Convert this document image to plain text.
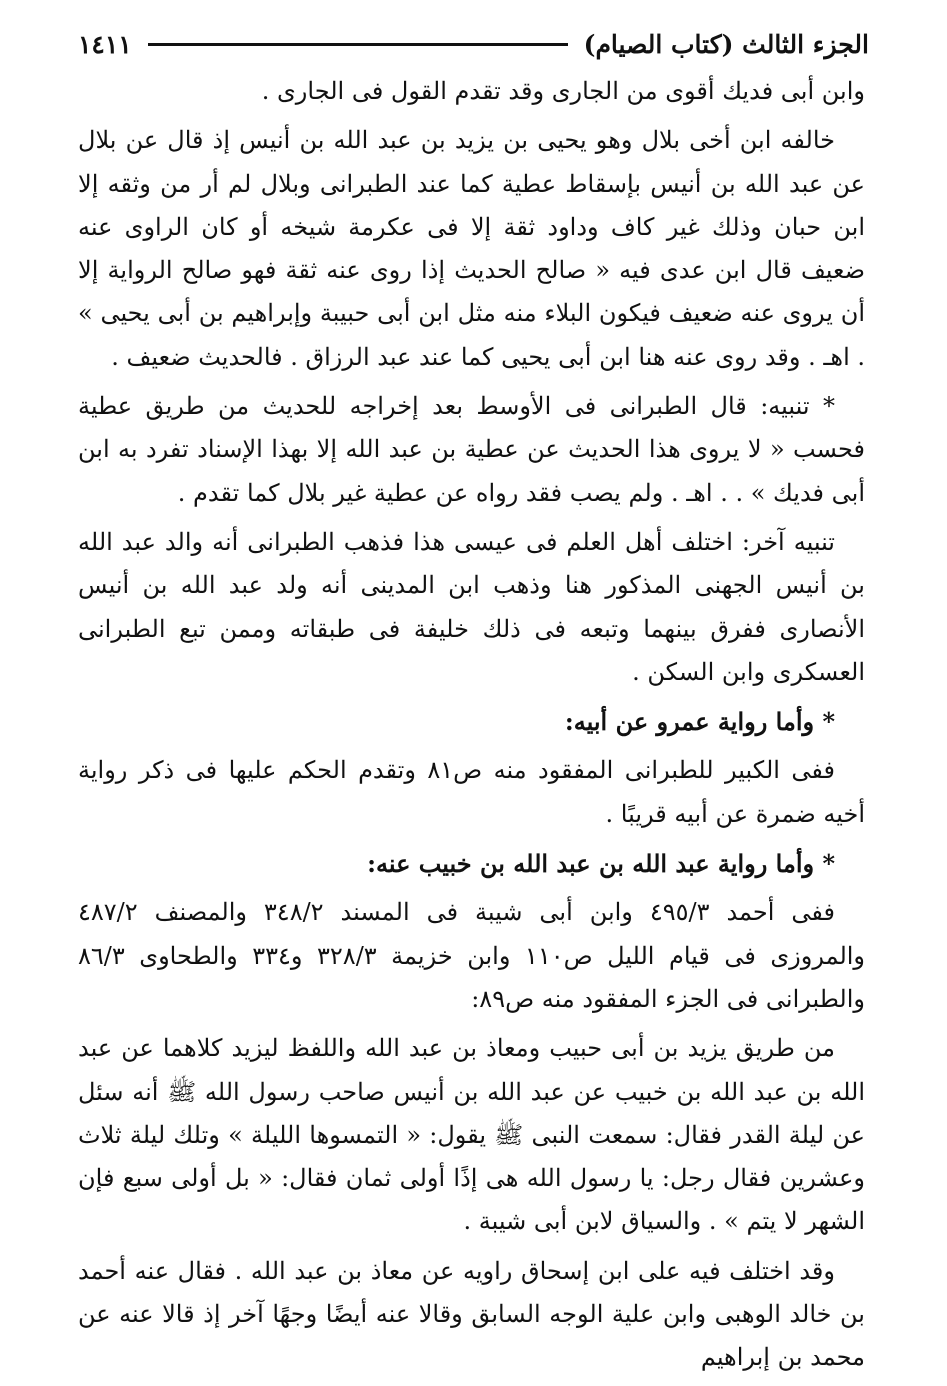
الجزء الثالث (كتاب الصيام)
١٤١١

وابن أبى فديك أقوى من الجارى وقد تقدم القول فى الجارى .

خالفه ابن أخى بلال وهو يحيى بن يزيد بن عبد الله بن أنيس إذ قال عن بلال عن عبد الله بن أنيس بإسقاط عطية كما عند الطبرانى وبلال لم أر من وثقه إلا ابن حبان وذلك غير كاف وداود ثقة إلا فى عكرمة شيخه أو كان الراوى عنه ضعيف قال ابن عدى فيه « صالح الحديث إذا روى عنه ثقة فهو صالح الرواية إلا أن يروى عنه ضعيف فيكون البلاء منه مثل ابن أبى حبيبة وإبراهيم بن أبى يحيى » . اهـ . وقد روى عنه هنا ابن أبى يحيى كما عند عبد الرزاق . فالحديث ضعيف .

* تنبيه: قال الطبرانى فى الأوسط بعد إخراجه للحديث من طريق عطية فحسب « لا يروى هذا الحديث عن عطية بن عبد الله إلا بهذا الإسناد تفرد به ابن أبى فديك » . . اهـ . ولم يصب فقد رواه عن عطية غير بلال كما تقدم .

تنبيه آخر: اختلف أهل العلم فى عيسى هذا فذهب الطبرانى أنه والد عبد الله بن أنيس الجهنى المذكور هنا وذهب ابن المدينى أنه ولد عبد الله بن أنيس الأنصارى ففرق بينهما وتبعه فى ذلك خليفة فى طبقاته وممن تبع الطبرانى العسكرى وابن السكن .

* وأما رواية عمرو عن أبيه:

ففى الكبير للطبرانى المفقود منه ص٨١ وتقدم الحكم عليها فى ذكر رواية أخيه ضمرة عن أبيه قريبًا .

* وأما رواية عبد الله بن عبد الله بن خبيب عنه:

ففى أحمد ٤٩٥/٣ وابن أبى شيبة فى المسند ٣٤٨/٢ والمصنف ٤٨٧/٢ والمروزى فى قيام الليل ص١١٠ وابن خزيمة ٣٢٨/٣ و٣٣٤ والطحاوى ٨٦/٣ والطبرانى فى الجزء المفقود منه ص٨٩:

من طريق يزيد بن أبى حبيب ومعاذ بن عبد الله واللفظ ليزيد كلاهما عن عبد الله بن عبد الله بن خبيب عن عبد الله بن أنيس صاحب رسول الله ﷺ أنه سئل عن ليلة القدر فقال: سمعت النبى ﷺ يقول: « التمسوها الليلة » وتلك ليلة ثلاث وعشرين فقال رجل: يا رسول الله هى إذًا أولى ثمان فقال: « بل أولى سبع فإن الشهر لا يتم » . والسياق لابن أبى شيبة .

وقد اختلف فيه على ابن إسحاق راويه عن معاذ بن عبد الله . فقال عنه أحمد بن خالد الوهبى وابن علية الوجه السابق وقالا عنه أيضًا وجهًا آخر إذ قالا عنه عن محمد بن إبراهيم
